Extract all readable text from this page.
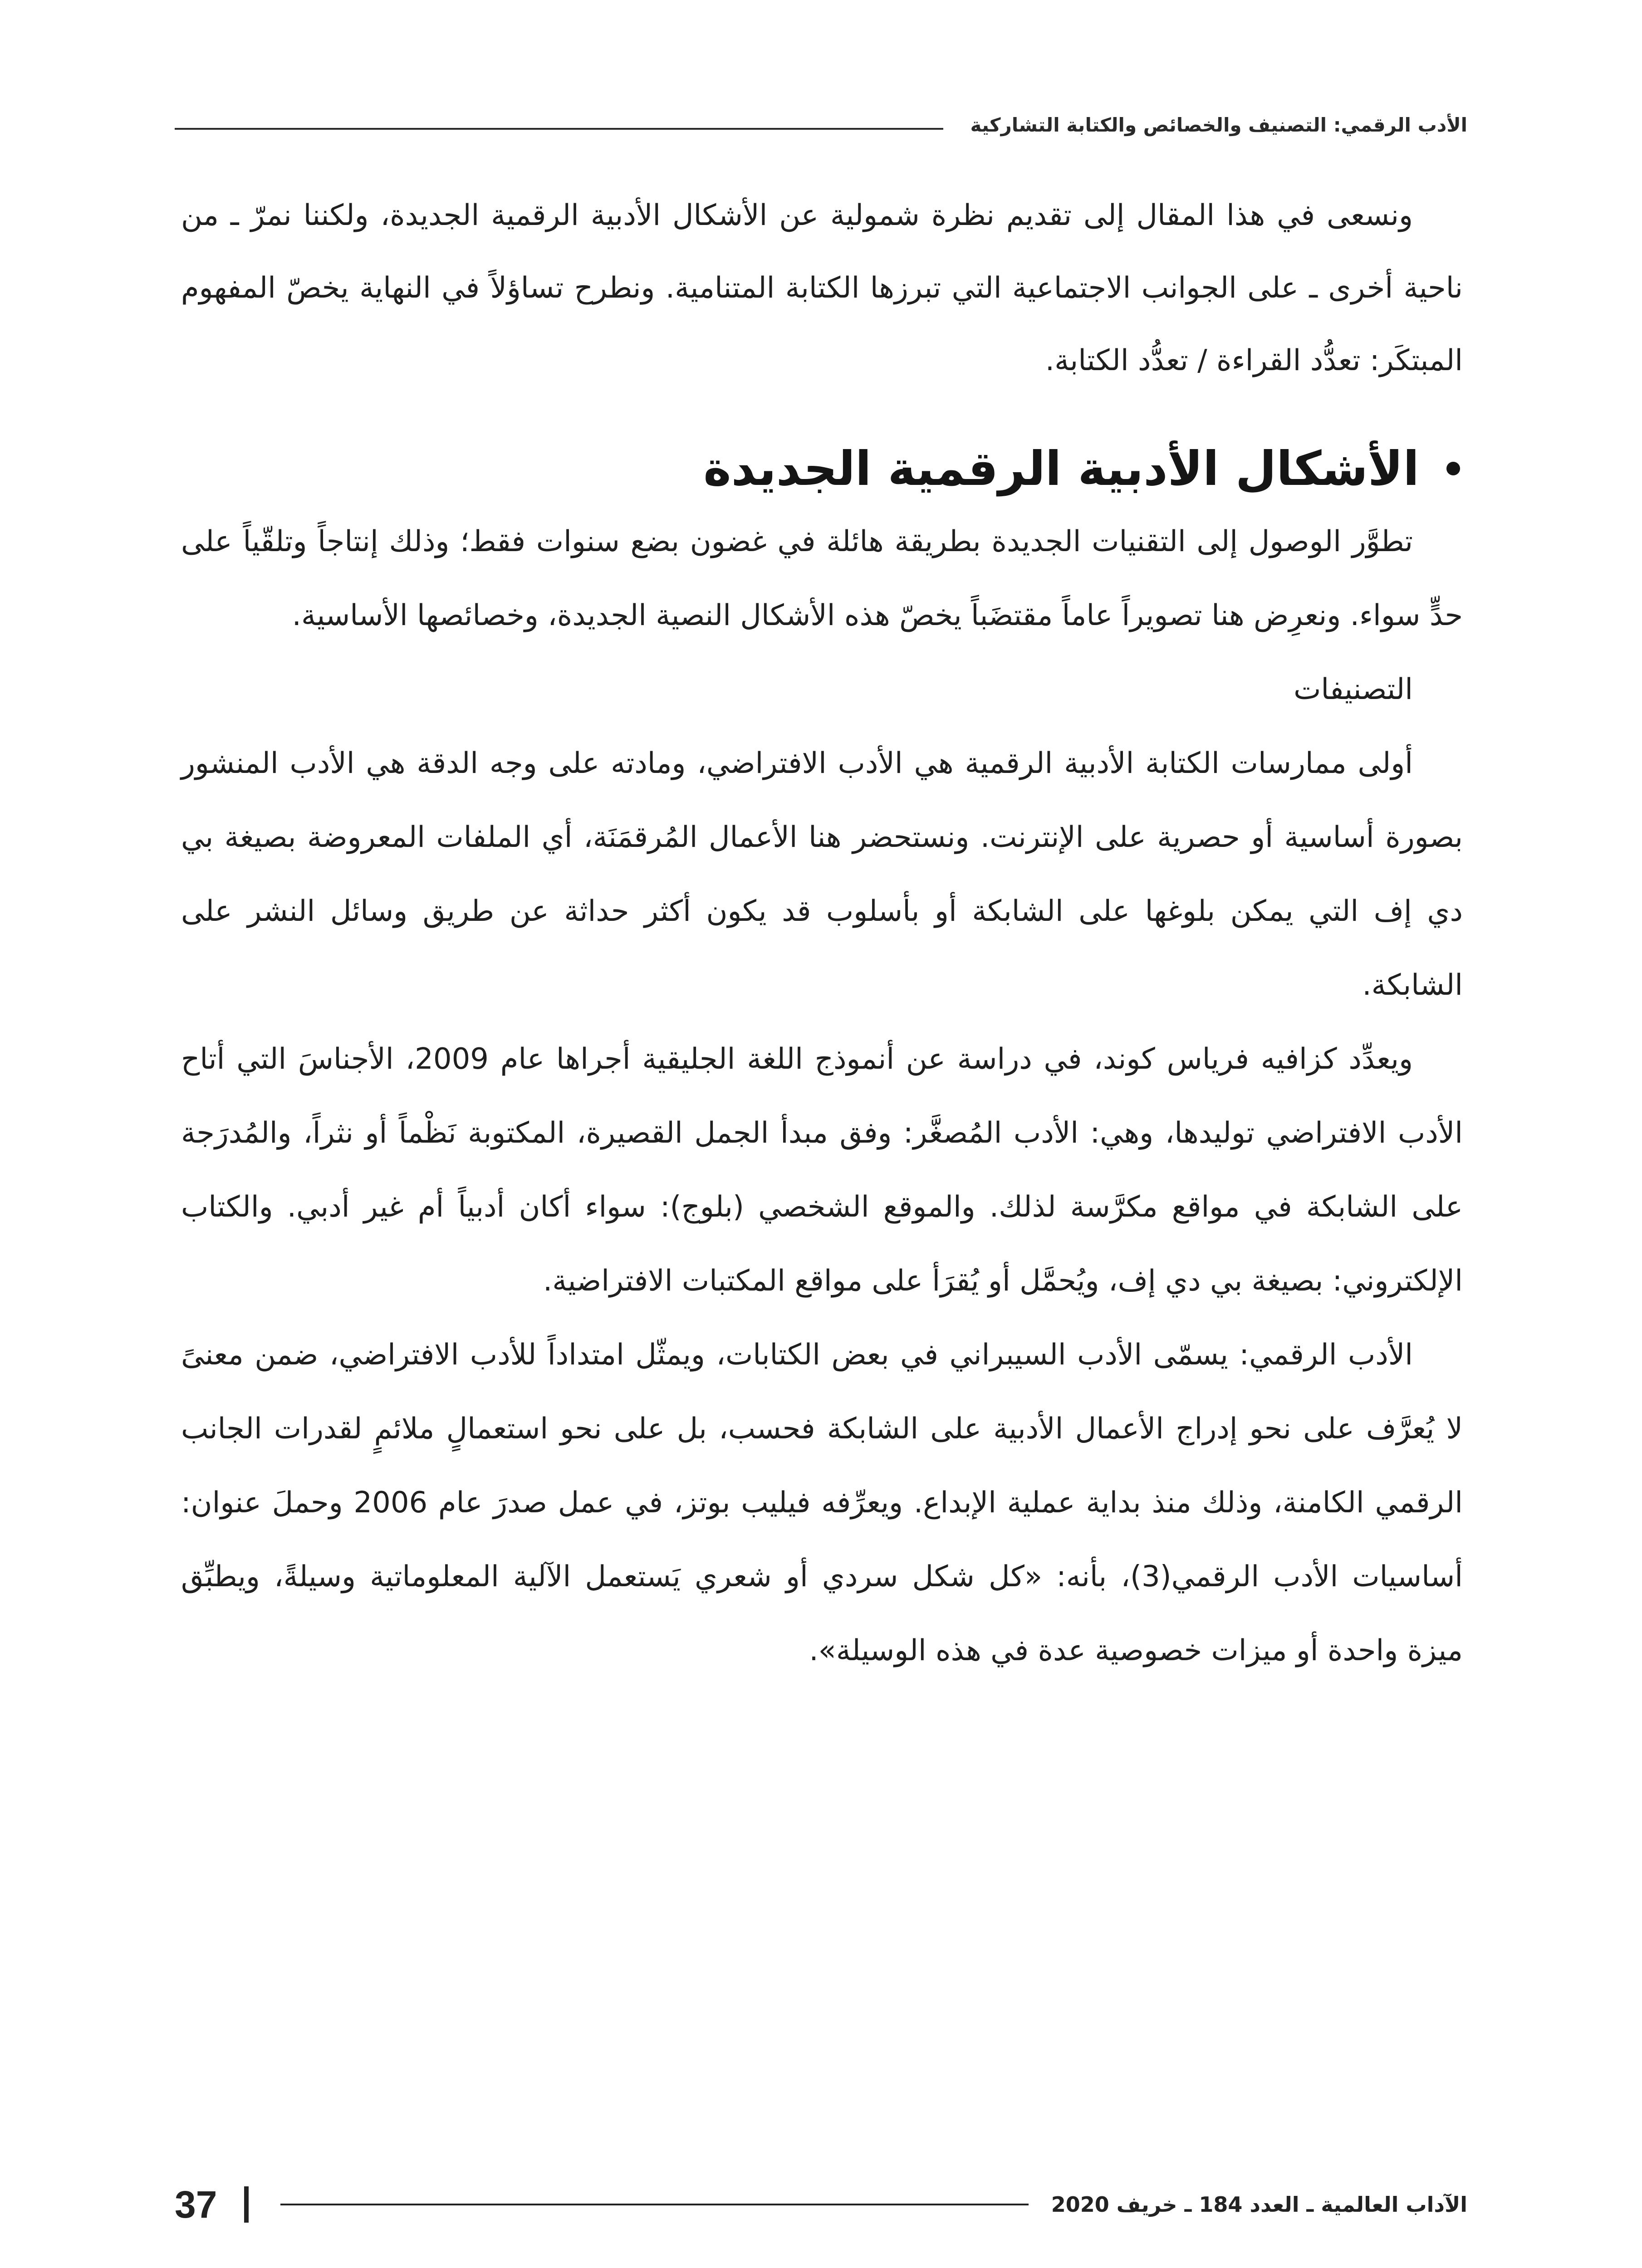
الأدب الرقمي: التصنيف والخصائص والكتابة التشاركية

ونسعى في هذا المقال إلى تقديم نظرة شمولية عن الأشكال الأدبية الرقمية الجديدة، ولكننا نمرّ ـ من ناحية أخرى ـ على الجوانب الاجتماعية التي تبرزها الكتابة المتنامية. ونطرح تساؤلاً في النهاية يخصّ المفهوم المبتكَر: تعدُّد القراءة / تعدُّد الكتابة.

الأشكال الأدبية الرقمية الجديدة

تطوَّر الوصول إلى التقنيات الجديدة بطريقة هائلة في غضون بضع سنوات فقط؛ وذلك إنتاجاً وتلقّياً على حدٍّ سواء. ونعرِض هنا تصويراً عاماً مقتضَباً يخصّ هذه الأشكال النصية الجديدة، وخصائصها الأساسية.

التصنيفات

أولى ممارسات الكتابة الأدبية الرقمية هي الأدب الافتراضي، ومادته على وجه الدقة هي الأدب المنشور بصورة أساسية أو حصرية على الإنترنت. ونستحضر هنا الأعمال المُرقمَنَة، أي الملفات المعروضة بصيغة بي دي إف التي يمكن بلوغها على الشابكة أو بأسلوب قد يكون أكثر حداثة عن طريق وسائل النشر على الشابكة.

ويعدِّد كزافيه فرياس كوند، في دراسة عن أنموذج اللغة الجليقية أجراها عام 2009، الأجناسَ التي أتاح الأدب الافتراضي توليدها، وهي: الأدب المُصغَّر: وفق مبدأ الجمل القصيرة، المكتوبة نَظْماً أو نثراً، والمُدرَجة على الشابكة في مواقع مكرَّسة لذلك. والموقع الشخصي (بلوج): سواء أكان أدبياً أم غير أدبي. والكتاب الإلكتروني: بصيغة بي دي إف، ويُحمَّل أو يُقرَأ على مواقع المكتبات الافتراضية.

الأدب الرقمي: يسمّى الأدب السيبراني في بعض الكتابات، ويمثّل امتداداً للأدب الافتراضي، ضمن معنىً لا يُعرَّف على نحو إدراج الأعمال الأدبية على الشابكة فحسب، بل على نحو استعمالٍ ملائمٍ لقدرات الجانب الرقمي الكامنة، وذلك منذ بداية عملية الإبداع. ويعرِّفه فيليب بوتز، في عمل صدرَ عام 2006 وحملَ عنوان: أساسيات الأدب الرقمي(3)، بأنه: «كل شكل سردي أو شعري يَستعمل الآلية المعلوماتية وسيلةً، ويطبِّق ميزة واحدة أو ميزات خصوصية عدة في هذه الوسيلة».

الآداب العالمية ـ العدد 184 ـ خريف 2020
37
